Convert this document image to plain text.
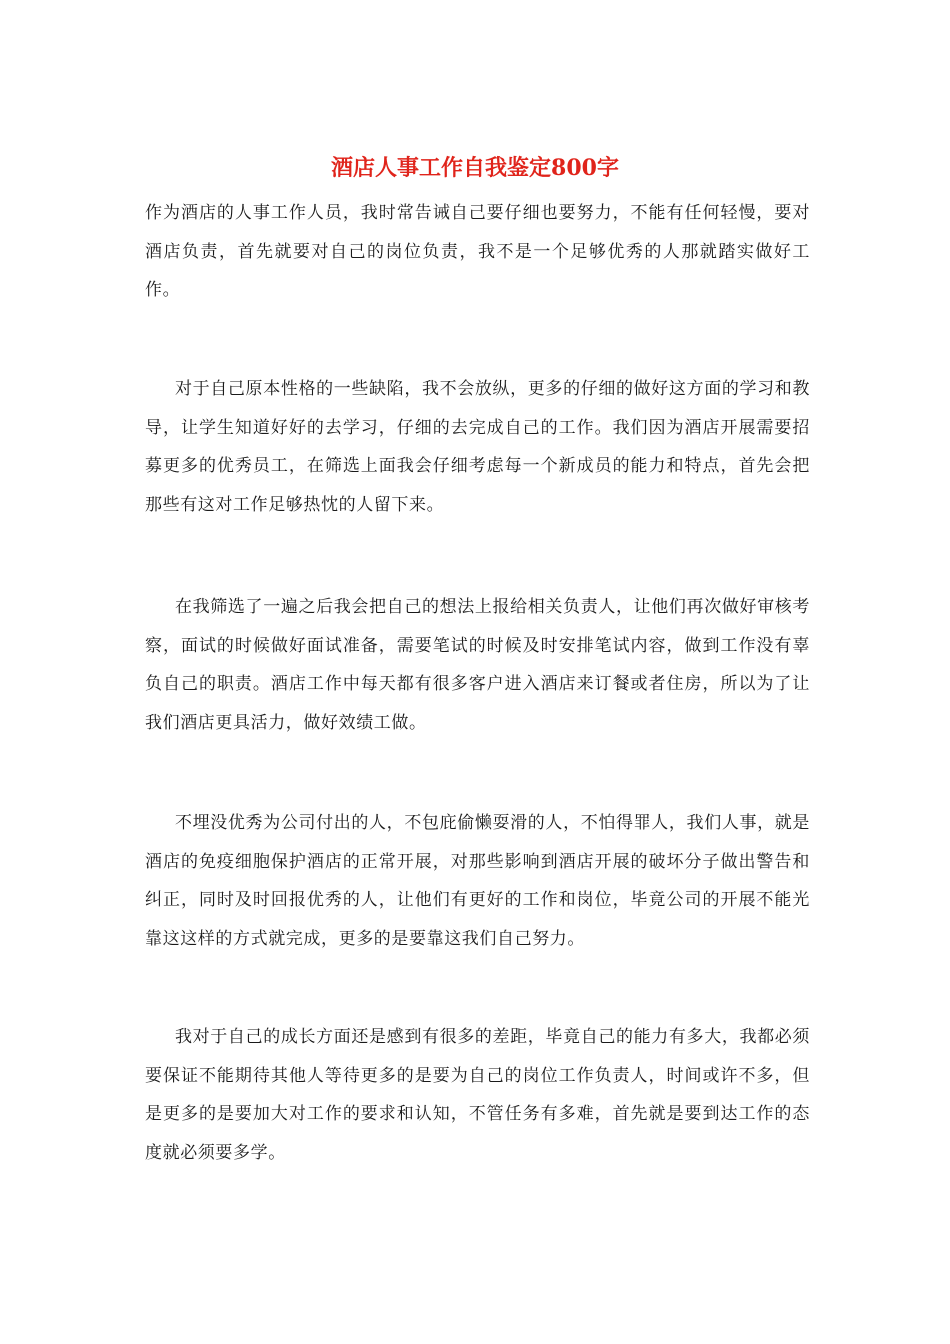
酒店人事工作自我鉴定800字

作为酒店的人事工作人员，我时常告诫自己要仔细也要努力，不能有任何轻慢，要对酒店负责，首先就要对自己的岗位负责，我不是一个足够优秀的人那就踏实做好工作。

对于自己原本性格的一些缺陷，我不会放纵，更多的仔细的做好这方面的学习和教导，让学生知道好好的去学习，仔细的去完成自己的工作。我们因为酒店开展需要招募更多的优秀员工，在筛选上面我会仔细考虑每一个新成员的能力和特点，首先会把那些有这对工作足够热忱的人留下来。

在我筛选了一遍之后我会把自己的想法上报给相关负责人，让他们再次做好审核考察，面试的时候做好面试准备，需要笔试的时候及时安排笔试内容，做到工作没有辜负自己的职责。酒店工作中每天都有很多客户进入酒店来订餐或者住房，所以为了让我们酒店更具活力，做好效绩工做。

不埋没优秀为公司付出的人，不包庇偷懒耍滑的人，不怕得罪人，我们人事，就是酒店的免疫细胞保护酒店的正常开展，对那些影响到酒店开展的破坏分子做出警告和纠正，同时及时回报优秀的人，让他们有更好的工作和岗位，毕竟公司的开展不能光靠这这样的方式就完成，更多的是要靠这我们自己努力。

我对于自己的成长方面还是感到有很多的差距，毕竟自己的能力有多大，我都必须要保证不能期待其他人等待更多的是要为自己的岗位工作负责人，时间或许不多，但是更多的是要加大对工作的要求和认知，不管任务有多难，首先就是要到达工作的态度就必须要多学。
